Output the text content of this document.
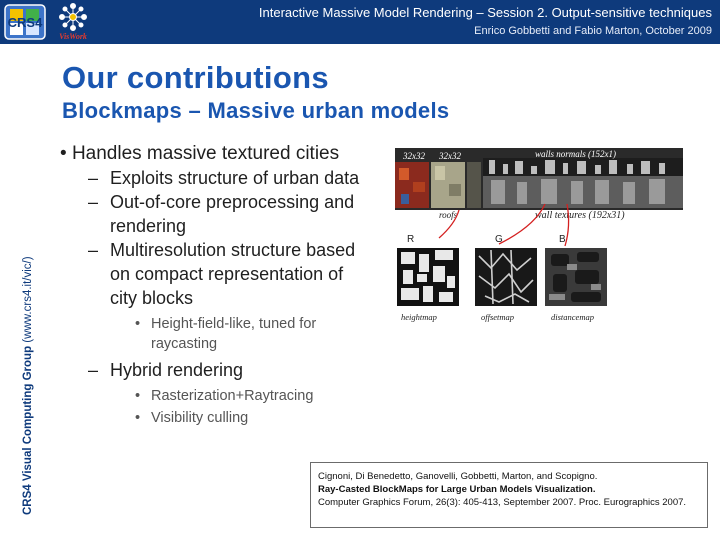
CRS4
VisWork
Interactive Massive Model Rendering – Session 2. Output-sensitive techniques
Enrico Gobbetti and Fabio Marton, October 2009
CRS4 Visual Computing Group (www.crs4.it/vic/)
Our contributions
Blockmaps – Massive urban models
• Handles massive textured cities
– Exploits structure of urban data
– Out-of-core preprocessing and rendering
– Multiresolution structure based on compact representation of city blocks
• Height-field-like, tuned for raycasting
– Hybrid rendering
• Rasterization+Raytracing
• Visibility culling
32x32 32x32	walls normals (152x1)
roofs	wall textures (192x31)
R	G	B
heightmap	offsetmap	distancemap
Cignoni, Di Benedetto, Ganovelli, Gobbetti, Marton, and Scopigno.
Ray-Casted BlockMaps for Large Urban Models Visualization.
Computer Graphics Forum, 26(3): 405-413, September 2007. Proc. Eurographics 2007.
